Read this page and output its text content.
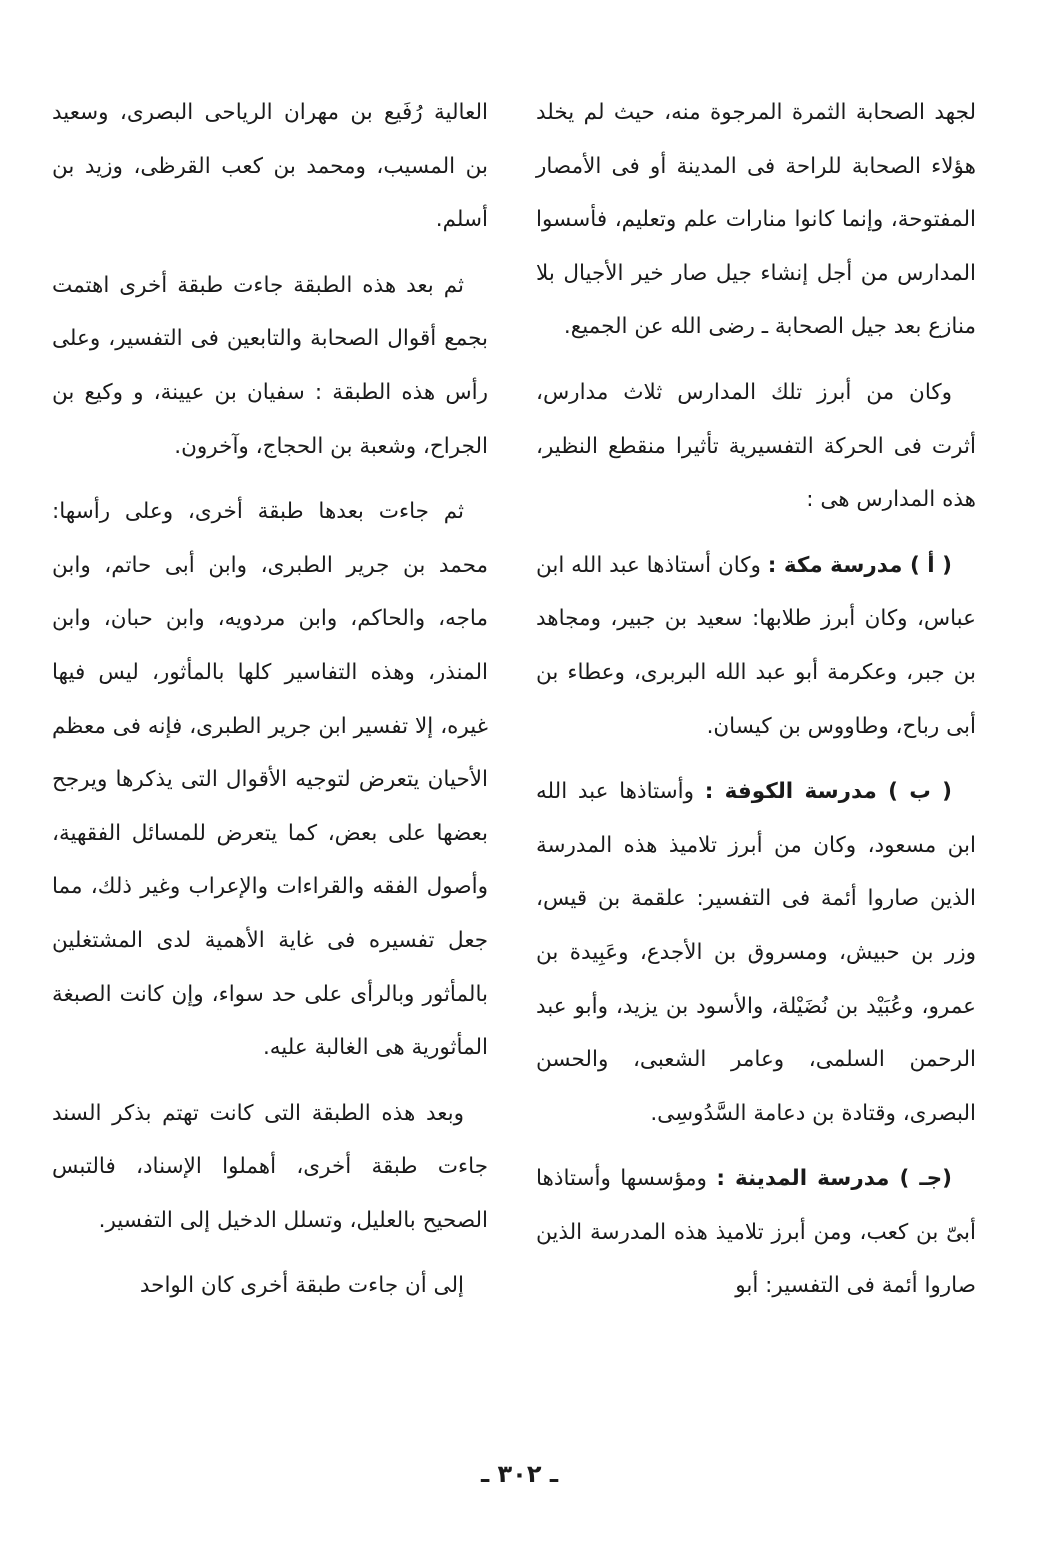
لجهد الصحابة الثمرة المرجوة منه، حيث لم يخلد هؤلاء الصحابة للراحة فى المدينة أو فى الأمصار المفتوحة، وإنما كانوا منارات علم وتعليم، فأسسوا المدارس من أجل إنشاء جيل صار خير الأجيال بلا منازع بعد جيل الصحابة ـ رضى الله عن الجميع.

وكان من أبرز تلك المدارس ثلاث مدارس، أثرت فى الحركة التفسيرية تأثيرا منقطع النظير، هذه المدارس هى :

( أ ) مدرسة مكة : وكان أستاذها عبد الله ابن عباس، وكان أبرز طلابها: سعيد بن جبير، ومجاهد بن جبر، وعكرمة أبو عبد الله البربرى، وعطاء بن أبى رباح، وطاووس بن كيسان.

( ب ) مدرسة الكوفة : وأستاذها عبد الله ابن مسعود، وكان من أبرز تلاميذ هذه المدرسة الذين صاروا أئمة فى التفسير: علقمة بن قيس، وزر بن حبيش، ومسروق بن الأجدع، وعَبِيدة بن عمرو، وعُبَيْد بن نُضَيْلة، والأسود بن يزيد، وأبو عبد الرحمن السلمى، وعامر الشعبى، والحسن البصرى، وقتادة بن دعامة السَّدُوسِى.

(جـ ) مدرسة المدينة : ومؤسسها وأستاذها أبىّ بن كعب، ومن أبرز تلاميذ هذه المدرسة الذين صاروا أئمة فى التفسير: أبو

العالية رُفَيع بن مهران الرياحى البصرى، وسعيد بن المسيب، ومحمد بن كعب القرظى، وزيد بن أسلم.

ثم بعد هذه الطبقة جاءت طبقة أخرى اهتمت بجمع أقوال الصحابة والتابعين فى التفسير، وعلى رأس هذه الطبقة : سفيان بن عيينة، و وكيع بن الجراح، وشعبة بن الحجاج، وآخرون.

ثم جاءت بعدها طبقة أخرى، وعلى رأسها: محمد بن جرير الطبرى، وابن أبى حاتم، وابن ماجه، والحاكم، وابن مردويه، وابن حبان، وابن المنذر، وهذه التفاسير كلها بالمأثور، ليس فيها غيره، إلا تفسير ابن جرير الطبرى، فإنه فى معظم الأحيان يتعرض لتوجيه الأقوال التى يذكرها ويرجح بعضها على بعض، كما يتعرض للمسائل الفقهية، وأصول الفقه والقراءات والإعراب وغير ذلك، مما جعل تفسيره فى غاية الأهمية لدى المشتغلين بالمأثور وبالرأى على حد سواء، وإن كانت الصبغة المأثورية هى الغالبة عليه.

وبعد هذه الطبقة التى كانت تهتم بذكر السند جاءت طبقة أخرى، أهملوا الإسناد، فالتبس الصحيح بالعليل، وتسلل الدخيل إلى التفسير.

إلى أن جاءت طبقة أخرى كان الواحد

ـ ٣٠٢ ـ
